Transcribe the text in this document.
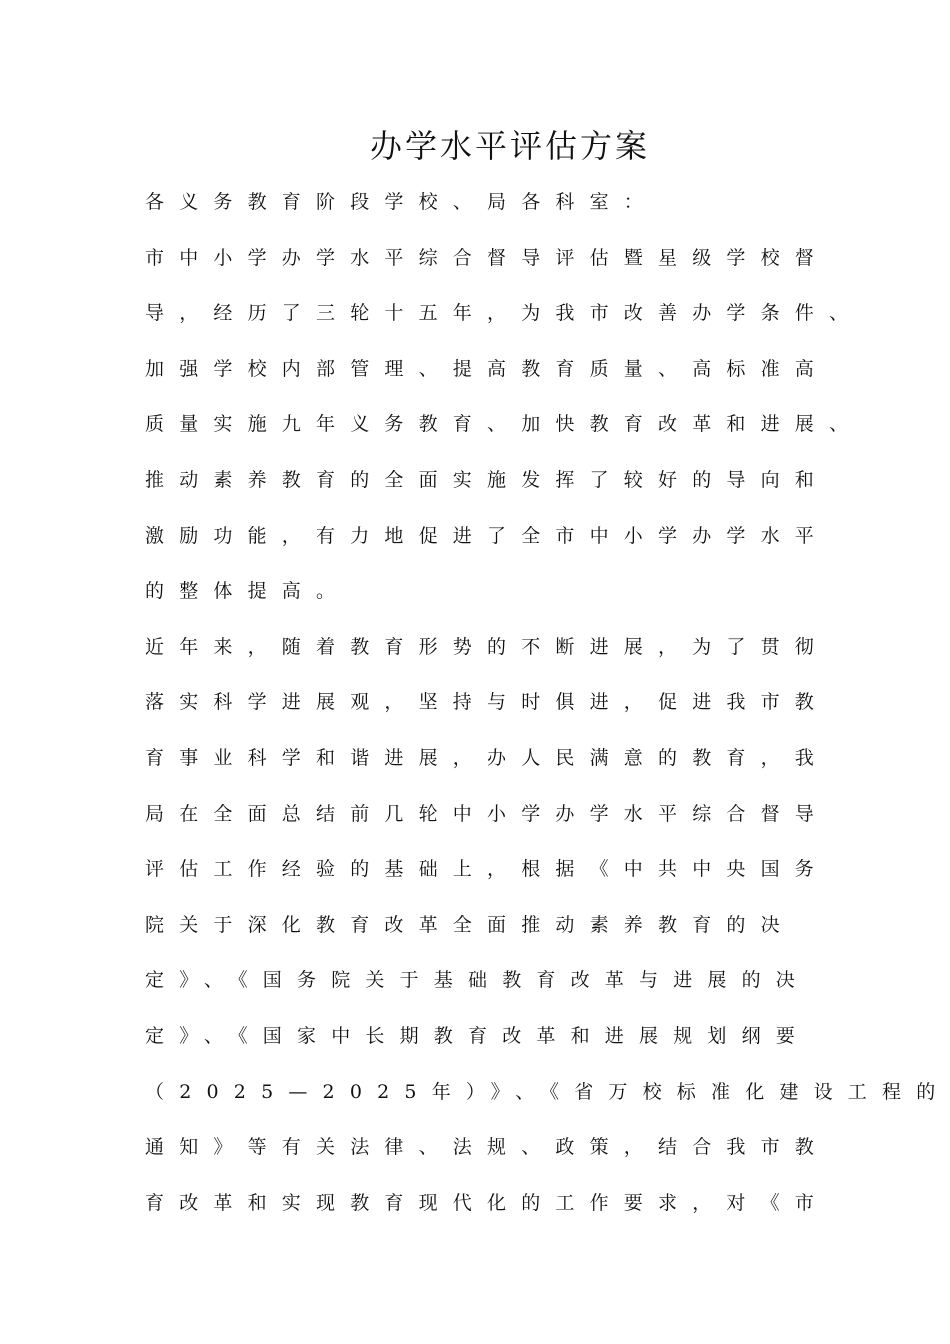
办学水平评估方案
各义务教育阶段学校、局各科室：
市中小学办学水平综合督导评估暨星级学校督
导，经历了三轮十五年，为我市改善办学条件、
加强学校内部管理、提高教育质量、高标准高
质量实施九年义务教育、加快教育改革和进展、
推动素养教育的全面实施发挥了较好的导向和
激励功能，有力地促进了全市中小学办学水平
的整体提高。
近年来，随着教育形势的不断进展，为了贯彻
落实科学进展观，坚持与时俱进，促进我市教
育事业科学和谐进展，办人民满意的教育，我
局在全面总结前几轮中小学办学水平综合督导
评估工作经验的基础上，根据《中共中央国务
院关于深化教育改革全面推动素养教育的决
定》、《国务院关于基础教育改革与进展的决
定》、《国家中长期教育改革和进展规划纲要
（2025—2025年）》、《省万校标准化建设工程的
通知》等有关法律、法规、政策，结合我市教
育改革和实现教育现代化的工作要求，对《市
